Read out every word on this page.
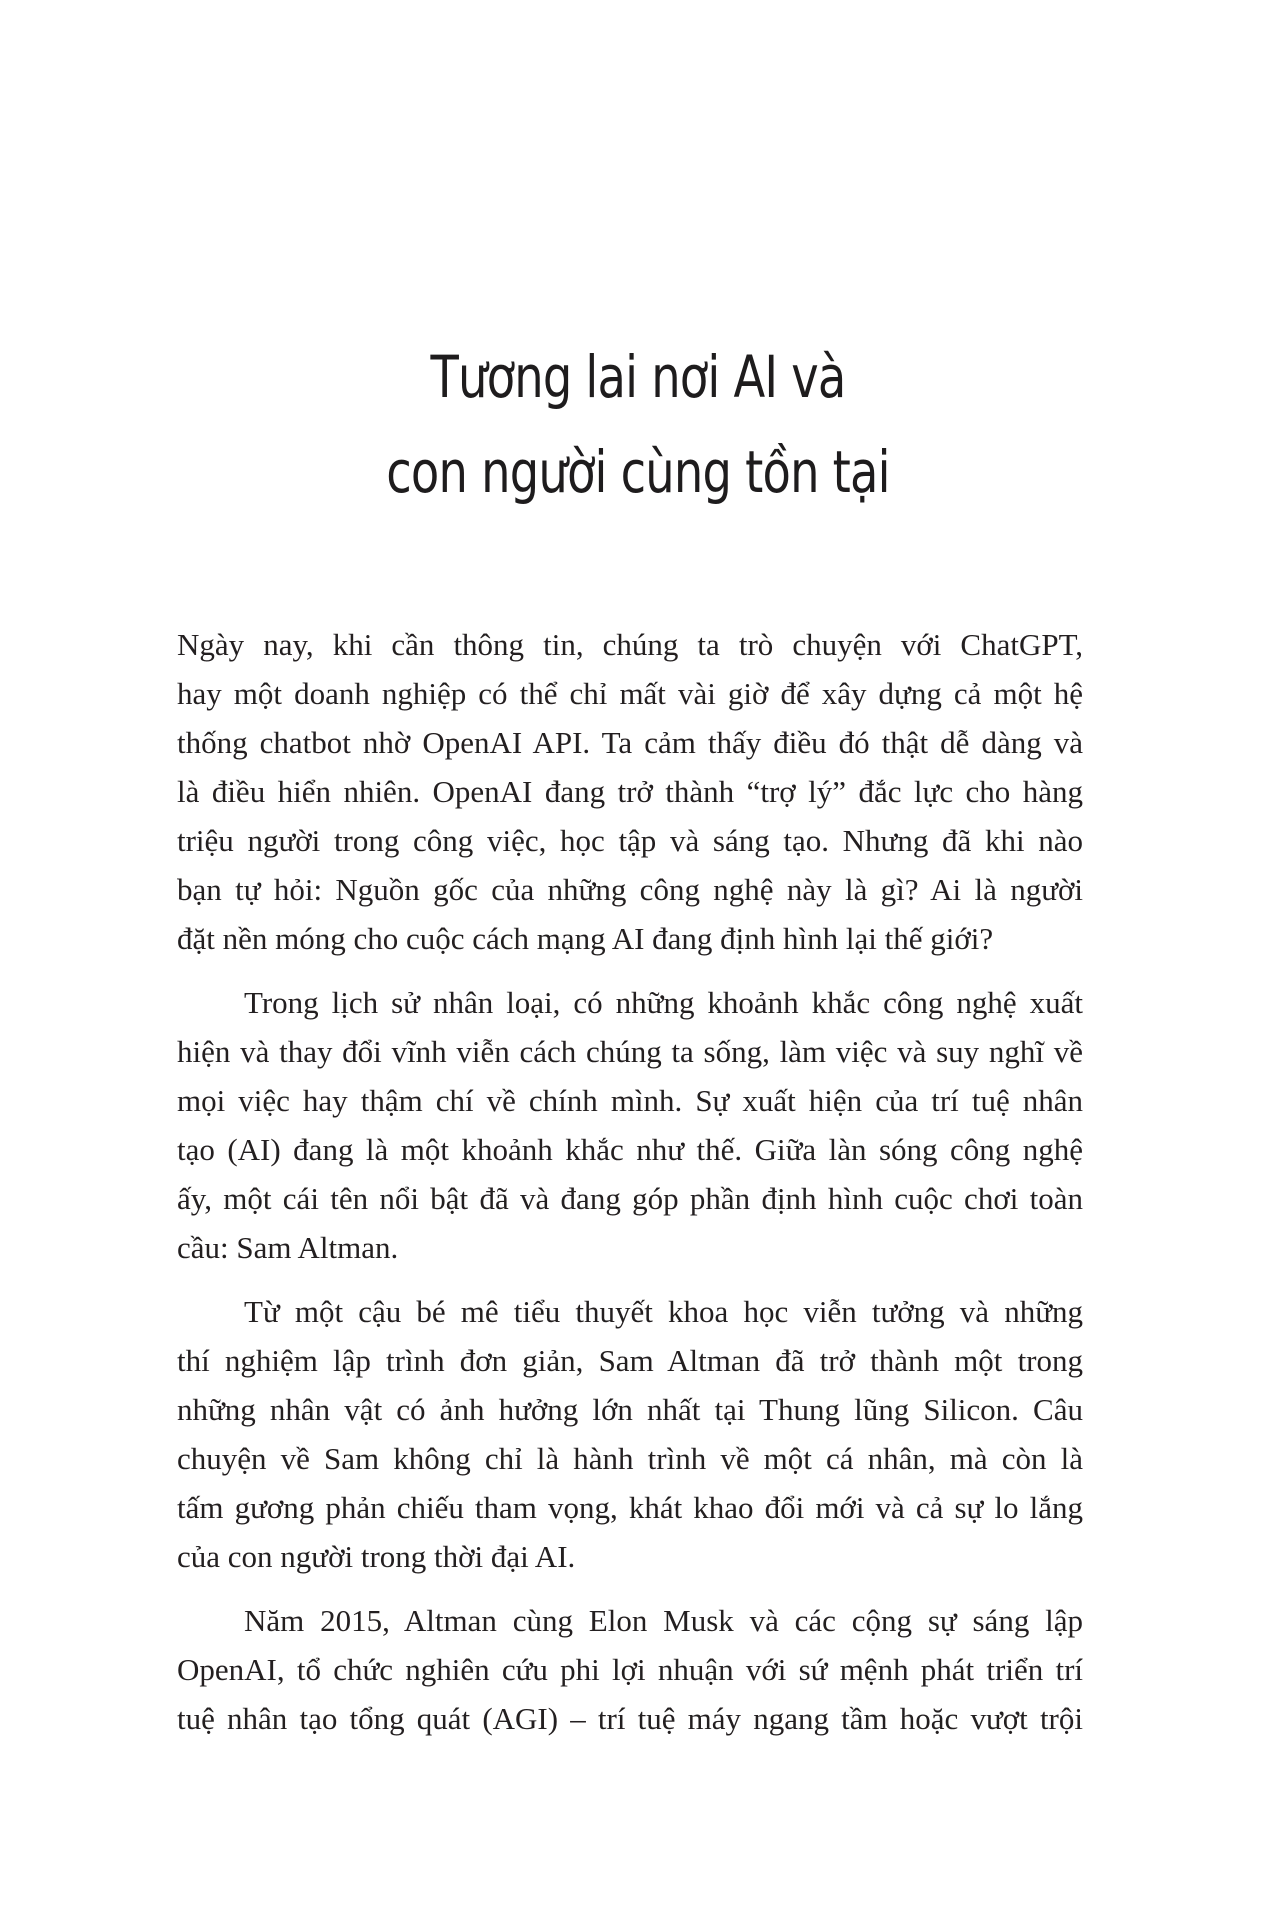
Tương lai nơi AI và
con người cùng tồn tại

Ngày nay, khi cần thông tin, chúng ta trò chuyện với ChatGPT,
hay một doanh nghiệp có thể chỉ mất vài giờ để xây dựng cả một hệ
thống chatbot nhờ OpenAI API. Ta cảm thấy điều đó thật dễ dàng và
là điều hiển nhiên. OpenAI đang trở thành “trợ lý” đắc lực cho hàng
triệu người trong công việc, học tập và sáng tạo. Nhưng đã khi nào
bạn tự hỏi: Nguồn gốc của những công nghệ này là gì? Ai là người
đặt nền móng cho cuộc cách mạng AI đang định hình lại thế giới?

Trong lịch sử nhân loại, có những khoảnh khắc công nghệ xuất
hiện và thay đổi vĩnh viễn cách chúng ta sống, làm việc và suy nghĩ về
mọi việc hay thậm chí về chính mình. Sự xuất hiện của trí tuệ nhân
tạo (AI) đang là một khoảnh khắc như thế. Giữa làn sóng công nghệ
ấy, một cái tên nổi bật đã và đang góp phần định hình cuộc chơi toàn
cầu: Sam Altman.

Từ một cậu bé mê tiểu thuyết khoa học viễn tưởng và những
thí nghiệm lập trình đơn giản, Sam Altman đã trở thành một trong
những nhân vật có ảnh hưởng lớn nhất tại Thung lũng Silicon. Câu
chuyện về Sam không chỉ là hành trình về một cá nhân, mà còn là
tấm gương phản chiếu tham vọng, khát khao đổi mới và cả sự lo lắng
của con người trong thời đại AI.

Năm 2015, Altman cùng Elon Musk và các cộng sự sáng lập
OpenAI, tổ chức nghiên cứu phi lợi nhuận với sứ mệnh phát triển trí
tuệ nhân tạo tổng quát (AGI) – trí tuệ máy ngang tầm hoặc vượt trội
